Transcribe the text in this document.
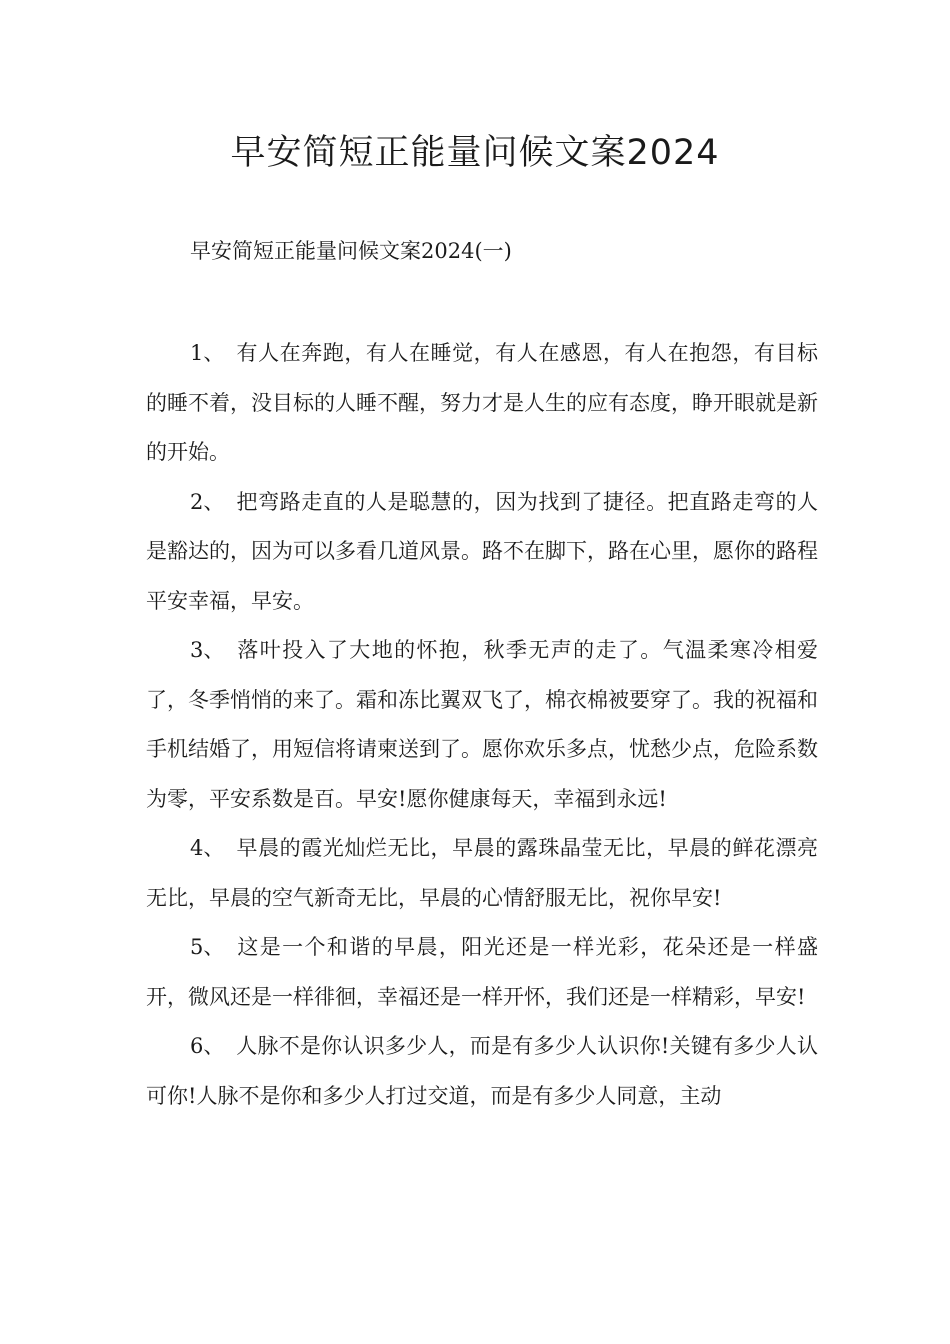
早安简短正能量问候文案2024

早安简短正能量问候文案2024(一)

1、 有人在奔跑，有人在睡觉，有人在感恩，有人在抱怨，有目标的睡不着，没目标的人睡不醒，努力才是人生的应有态度，睁开眼就是新的开始。

2、 把弯路走直的人是聪慧的，因为找到了捷径。把直路走弯的人是豁达的，因为可以多看几道风景。路不在脚下，路在心里，愿你的路程平安幸福，早安。

3、 落叶投入了大地的怀抱，秋季无声的走了。气温柔寒冷相爱了，冬季悄悄的来了。霜和冻比翼双飞了，棉衣棉被要穿了。我的祝福和手机结婚了，用短信将请柬送到了。愿你欢乐多点，忧愁少点，危险系数为零，平安系数是百。早安!愿你健康每天，幸福到永远!

4、 早晨的霞光灿烂无比，早晨的露珠晶莹无比，早晨的鲜花漂亮无比，早晨的空气新奇无比，早晨的心情舒服无比，祝你早安!

5、 这是一个和谐的早晨，阳光还是一样光彩，花朵还是一样盛开，微风还是一样徘徊，幸福还是一样开怀，我们还是一样精彩，早安!

6、 人脉不是你认识多少人，而是有多少人认识你!关键有多少人认可你!人脉不是你和多少人打过交道，而是有多少人同意，主动
